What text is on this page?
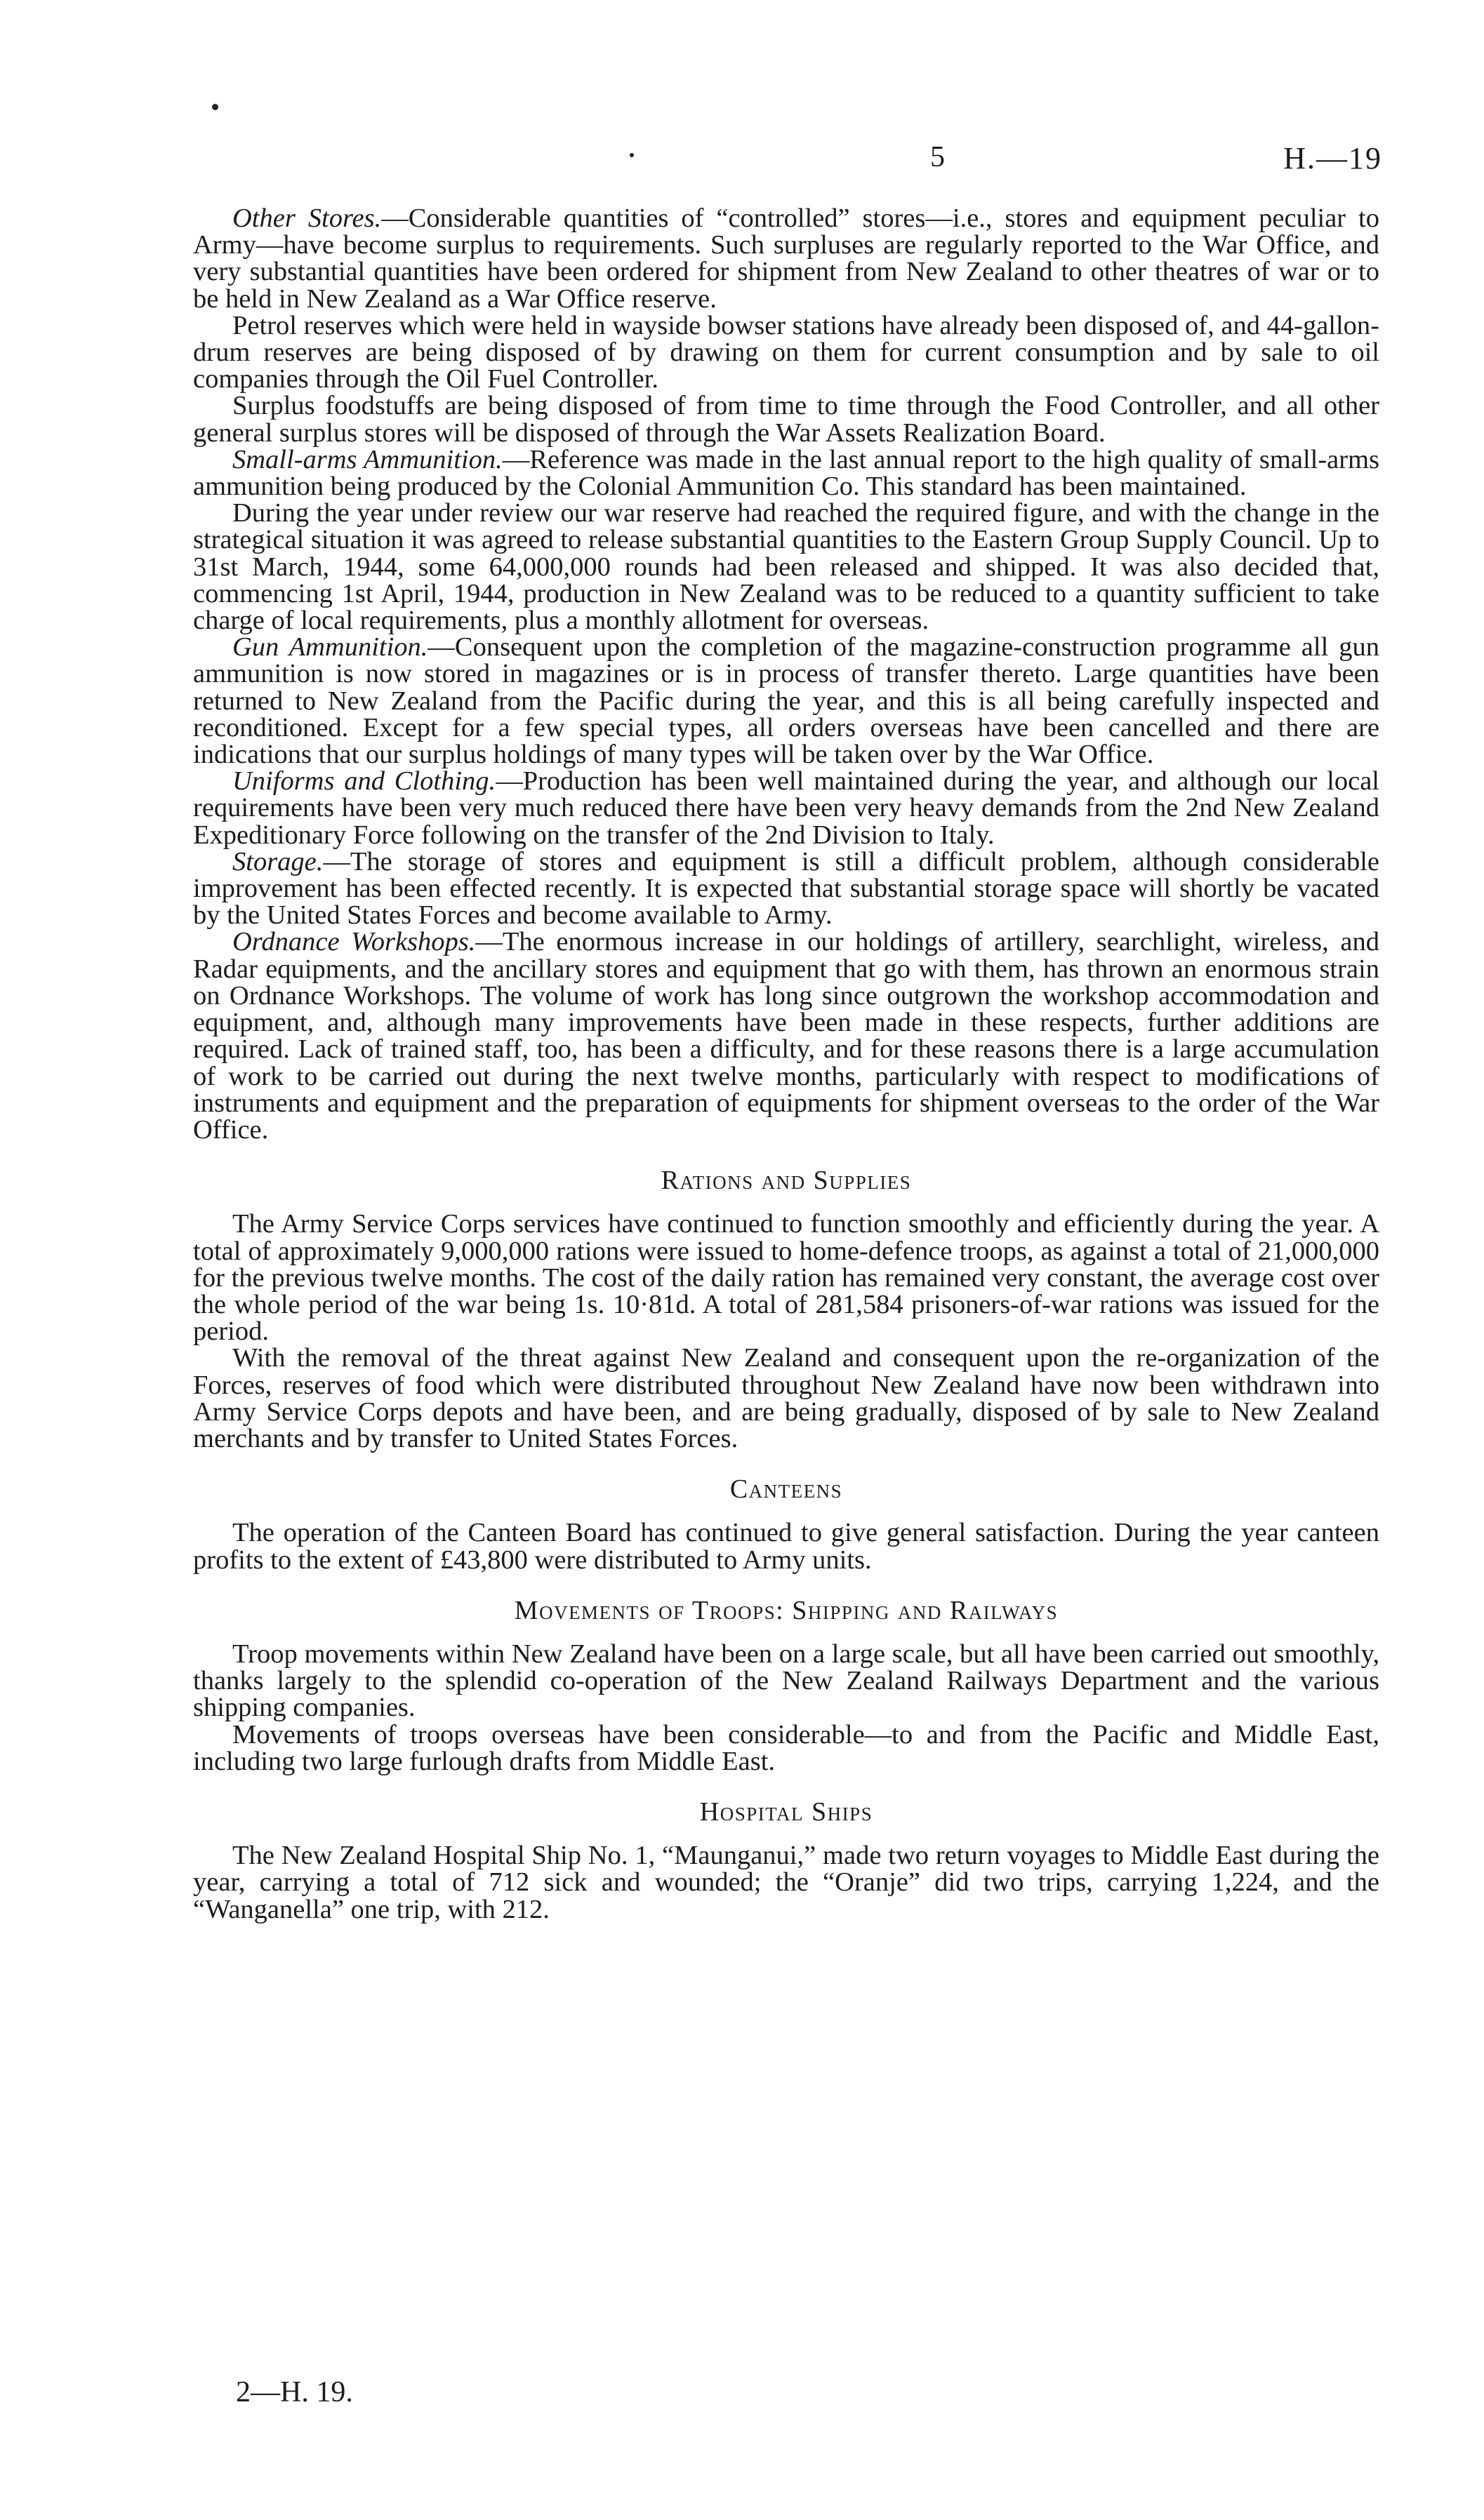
5	H.—19

Other Stores.—Considerable quantities of “controlled” stores—i.e., stores and equipment peculiar to Army—have become surplus to requirements. Such surpluses are regularly reported to the War Office, and very substantial quantities have been ordered for shipment from New Zealand to other theatres of war or to be held in New Zealand as a War Office reserve.

Petrol reserves which were held in wayside bowser stations have already been disposed of, and 44-gallon-drum reserves are being disposed of by drawing on them for current consumption and by sale to oil companies through the Oil Fuel Controller.

Surplus foodstuffs are being disposed of from time to time through the Food Controller, and all other general surplus stores will be disposed of through the War Assets Realization Board.

Small-arms Ammunition.—Reference was made in the last annual report to the high quality of small-arms ammunition being produced by the Colonial Ammunition Co. This standard has been maintained.

During the year under review our war reserve had reached the required figure, and with the change in the strategical situation it was agreed to release substantial quantities to the Eastern Group Supply Council. Up to 31st March, 1944, some 64,000,000 rounds had been released and shipped. It was also decided that, commencing 1st April, 1944, production in New Zealand was to be reduced to a quantity sufficient to take charge of local requirements, plus a monthly allotment for overseas.

Gun Ammunition.—Consequent upon the completion of the magazine-construction programme all gun ammunition is now stored in magazines or is in process of transfer thereto. Large quantities have been returned to New Zealand from the Pacific during the year, and this is all being carefully inspected and reconditioned. Except for a few special types, all orders overseas have been cancelled and there are indications that our surplus holdings of many types will be taken over by the War Office.

Uniforms and Clothing.—Production has been well maintained during the year, and although our local requirements have been very much reduced there have been very heavy demands from the 2nd New Zealand Expeditionary Force following on the transfer of the 2nd Division to Italy.

Storage.—The storage of stores and equipment is still a difficult problem, although considerable improvement has been effected recently. It is expected that substantial storage space will shortly be vacated by the United States Forces and become available to Army.

Ordnance Workshops.—The enormous increase in our holdings of artillery, searchlight, wireless, and Radar equipments, and the ancillary stores and equipment that go with them, has thrown an enormous strain on Ordnance Workshops. The volume of work has long since outgrown the workshop accommodation and equipment, and, although many improvements have been made in these respects, further additions are required. Lack of trained staff, too, has been a difficulty, and for these reasons there is a large accumulation of work to be carried out during the next twelve months, particularly with respect to modifications of instruments and equipment and the preparation of equipments for shipment overseas to the order of the War Office.

Rations and Supplies

The Army Service Corps services have continued to function smoothly and efficiently during the year. A total of approximately 9,000,000 rations were issued to home-defence troops, as against a total of 21,000,000 for the previous twelve months. The cost of the daily ration has remained very constant, the average cost over the whole period of the war being 1s. 10·81d. A total of 281,584 prisoners-of-war rations was issued for the period.

With the removal of the threat against New Zealand and consequent upon the re-organization of the Forces, reserves of food which were distributed throughout New Zealand have now been withdrawn into Army Service Corps depots and have been, and are being gradually, disposed of by sale to New Zealand merchants and by transfer to United States Forces.

Canteens

The operation of the Canteen Board has continued to give general satisfaction. During the year canteen profits to the extent of £43,800 were distributed to Army units.

Movements of Troops: Shipping and Railways

Troop movements within New Zealand have been on a large scale, but all have been carried out smoothly, thanks largely to the splendid co-operation of the New Zealand Railways Department and the various shipping companies.

Movements of troops overseas have been considerable—to and from the Pacific and Middle East, including two large furlough drafts from Middle East.

Hospital Ships

The New Zealand Hospital Ship No. 1, “Maunganui,” made two return voyages to Middle East during the year, carrying a total of 712 sick and wounded; the “Oranje” did two trips, carrying 1,224, and the “Wanganella” one trip, with 212.

2—H. 19.
